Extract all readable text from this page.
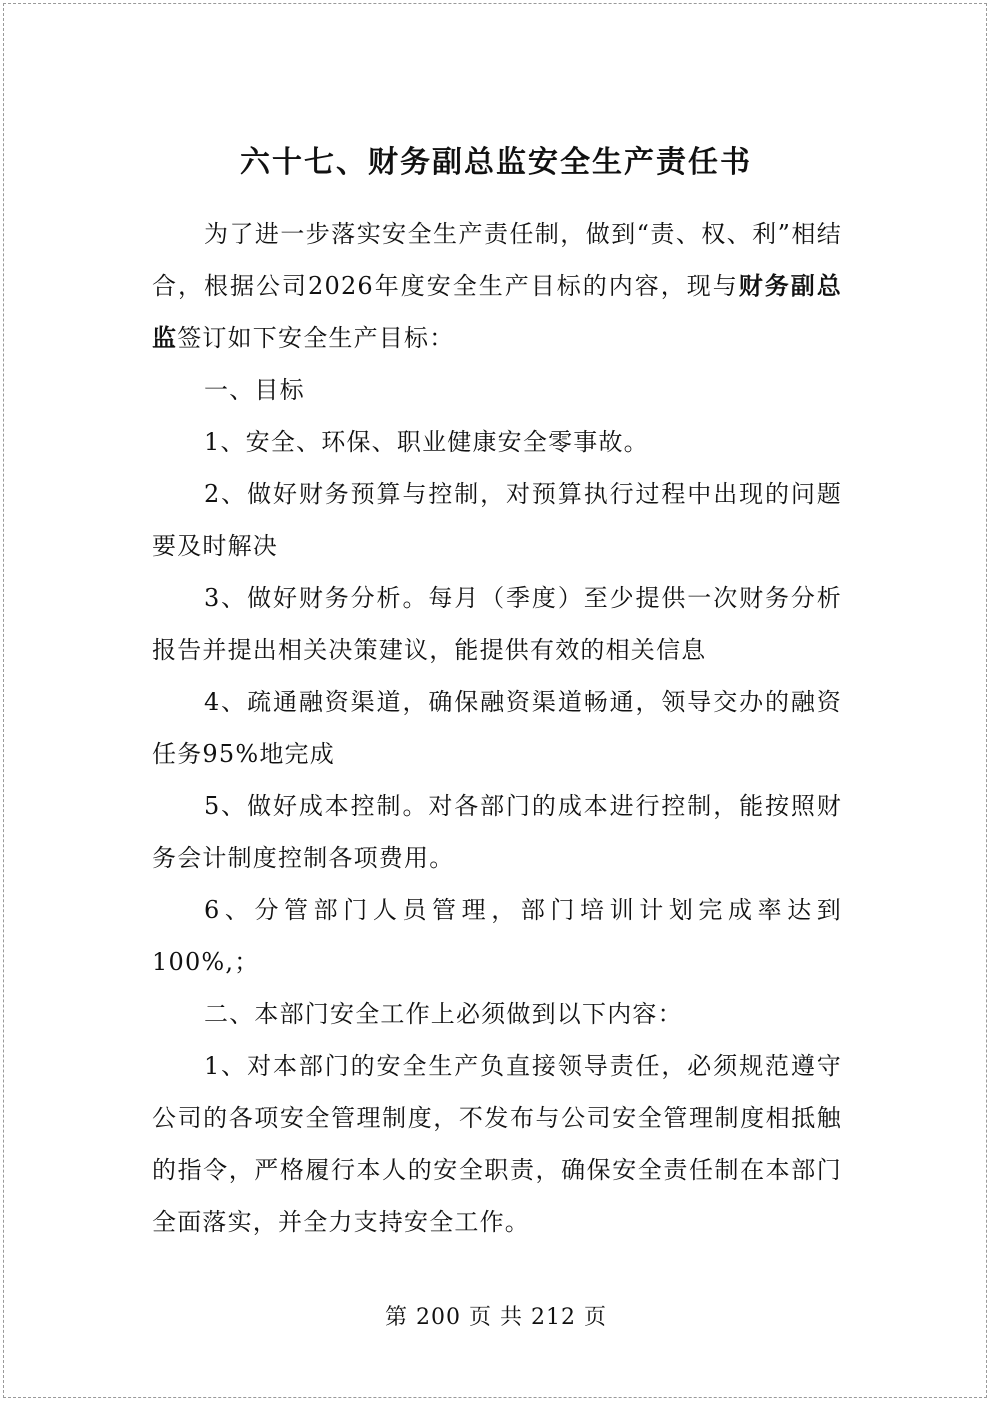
六十七、财务副总监安全生产责任书

为了进一步落实安全生产责任制，做到“责、权、利”相结合，根据公司2026年度安全生产目标的内容，现与财务副总监签订如下安全生产目标：

一、目标

1、安全、环保、职业健康安全零事故。

2、做好财务预算与控制，对预算执行过程中出现的问题要及时解决

3、做好财务分析。每月（季度）至少提供一次财务分析报告并提出相关决策建议，能提供有效的相关信息

4、疏通融资渠道，确保融资渠道畅通，领导交办的融资任务95%地完成

5、做好成本控制。对各部门的成本进行控制，能按照财务会计制度控制各项费用。

6、分管部门人员管理，部门培训计划完成率达到100%,；

二、本部门安全工作上必须做到以下内容：

1、对本部门的安全生产负直接领导责任，必须规范遵守公司的各项安全管理制度，不发布与公司安全管理制度相抵触的指令，严格履行本人的安全职责，确保安全责任制在本部门全面落实，并全力支持安全工作。

第 200 页 共 212 页
